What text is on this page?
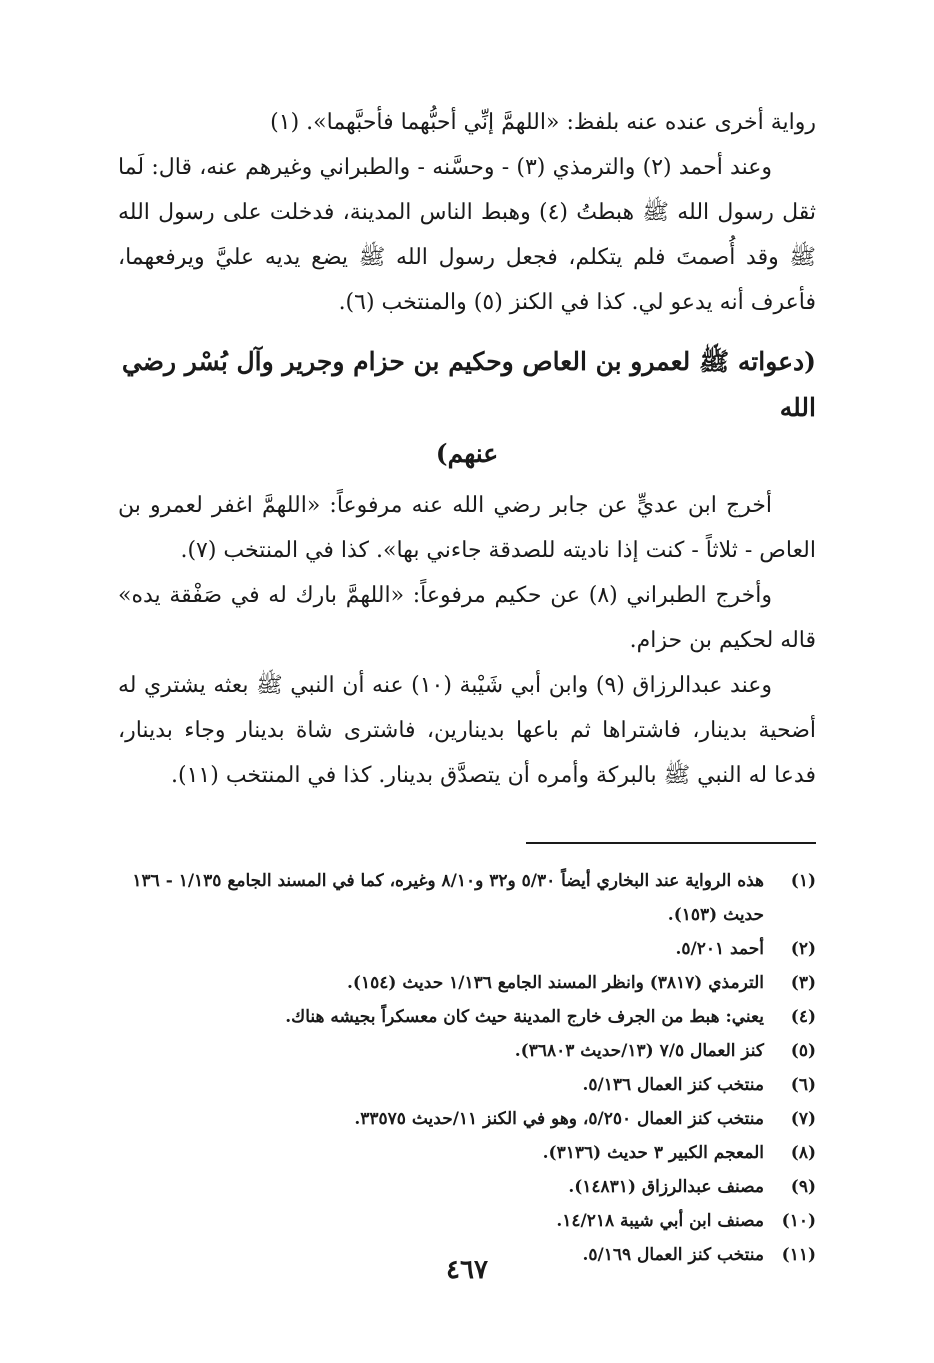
رواية أخرى عنده عنه بلفظ: «اللهمَّ إنِّي أحبُّهما فأحبَّهما». (١)

وعند أحمد (٢) والترمذي (٣) - وحسَّنه - والطبراني وغيرهم عنه، قال: لَما ثقل رسول الله ﷺ هبطتُ (٤) وهبط الناس المدينة، فدخلت على رسول الله ﷺ وقد أُصمتَ فلم يتكلم، فجعل رسول الله ﷺ يضع يديه عليَّ ويرفعهما، فأعرف أنه يدعو لي. كذا في الكنز (٥) والمنتخب (٦).

(دعواته ﷺ لعمرو بن العاص وحكيم بن حزام وجرير وآل بُسْر رضي الله
عنهم)

أخرج ابن عديٍّ عن جابر رضي الله عنه مرفوعاً: «اللهمَّ اغفر لعمرو بن العاص - ثلاثاً - كنت إذا ناديته للصدقة جاءني بها». كذا في المنتخب (٧).

وأخرج الطبراني (٨) عن حكيم مرفوعاً: «اللهمَّ بارك له في صَفْقة يده» قاله لحكيم بن حزام.

وعند عبدالرزاق (٩) وابن أبي شَيْبة (١٠) عنه أن النبي ﷺ بعثه يشتري له أضحية بدينار، فاشتراها ثم باعها بدينارين، فاشترى شاة بدينار وجاء بدينار، فدعا له النبي ﷺ بالبركة وأمره أن يتصدَّق بدينار. كذا في المنتخب (١١).

(١)
هذه الرواية عند البخاري أيضاً ٥/٣٠ و٣٢ و٨/١٠ وغيره، كما في المسند الجامع ١/١٣٥ - ١٣٦ حديث (١٥٣).
(٢)
أحمد ٥/٢٠١.
(٣)
الترمذي (٣٨١٧) وانظر المسند الجامع ١/١٣٦ حديث (١٥٤).
(٤)
يعني: هبط من الجرف خارج المدينة حيث كان معسكراً بجيشه هناك.
(٥)
كنز العمال ٧/٥ (١٣/حديث ٣٦٨٠٣).
(٦)
منتخب كنز العمال ٥/١٣٦.
(٧)
منتخب كنز العمال ٥/٢٥٠، وهو في الكنز ١١/حديث ٣٣٥٧٥.
(٨)
المعجم الكبير ٣ حديث (٣١٣٦).
(٩)
مصنف عبدالرزاق (١٤٨٣١).
(١٠)
مصنف ابن أبي شيبة ١٤/٢١٨.
(١١)
منتخب كنز العمال ٥/١٦٩.
٤٦٧
